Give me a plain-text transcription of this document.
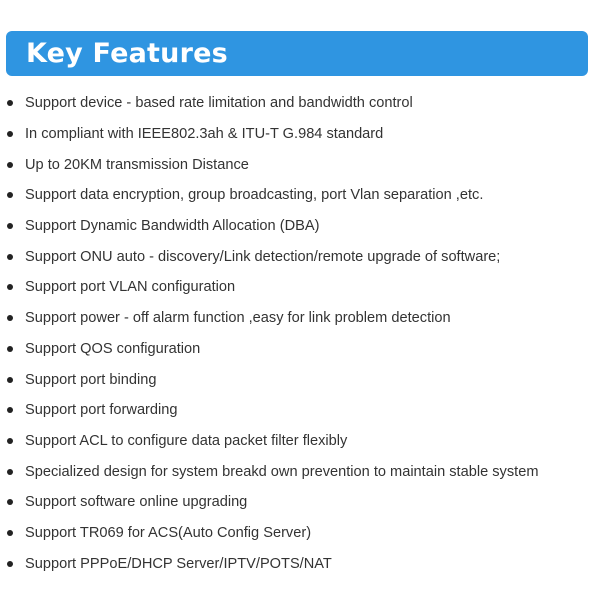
Key Features
Support device - based rate limitation and bandwidth control
In compliant with IEEE802.3ah & ITU-T G.984 standard
Up to 20KM transmission Distance
Support data encryption, group broadcasting, port Vlan separation ,etc.
Support Dynamic Bandwidth Allocation (DBA)
Support ONU auto - discovery/Link detection/remote upgrade of software;
Support port VLAN configuration
Support power - off alarm function ,easy for link problem detection
Support QOS configuration
Support port binding
Support port forwarding
Support ACL to configure data packet filter flexibly
Specialized design for system breakd own prevention to maintain stable system
Support software online upgrading
Support TR069 for ACS(Auto Config Server)
Support PPPoE/DHCP Server/IPTV/POTS/NAT
